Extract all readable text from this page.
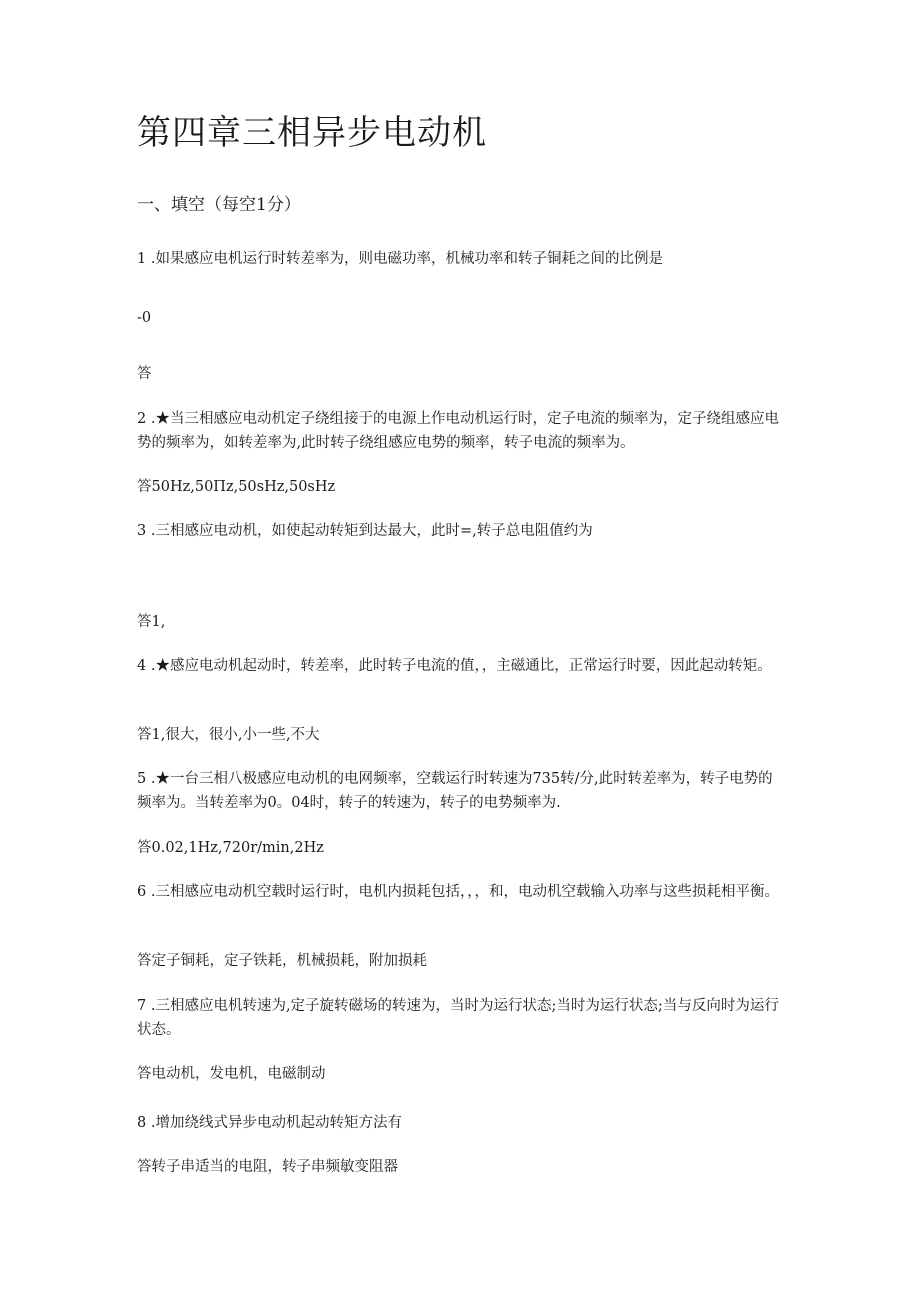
第四章三相异步电动机
一、填空（每空1分）
1 .如果感应电机运行时转差率为，则电磁功率，机械功率和转子铜耗之间的比例是
-0
答
2 .★当三相感应电动机定子绕组接于的电源上作电动机运行时，定子电流的频率为，定子绕组感应电势的频率为，如转差率为,此时转子绕组感应电势的频率，转子电流的频率为。
答50Hz,50Пz,50sHz,50sHz
3 .三相感应电动机，如使起动转矩到达最大，此时=,转子总电阻值约为
答1,
4 .★感应电动机起动时，转差率，此时转子电流的值，，主磁通比，正常运行时要，因此起动转矩。
答1,很大，很小,小一些,不大
5 .★一台三相八极感应电动机的电网频率，空载运行时转速为735转/分,此时转差率为，转子电势的频率为。当转差率为0。04时，转子的转速为，转子的电势频率为.
答0.02,1Hz,720r/min,2Hz
6 .三相感应电动机空载时运行时，电机内损耗包括，，，和，电动机空载输入功率与这些损耗相平衡。
答定子铜耗，定子铁耗，机械损耗，附加损耗
7 .三相感应电机转速为,定子旋转磁场的转速为，当时为运行状态;当时为运行状态;当与反向时为运行状态。
答电动机，发电机，电磁制动
8 .增加绕线式异步电动机起动转矩方法有
答转子串适当的电阻，转子串频敏变阻器
